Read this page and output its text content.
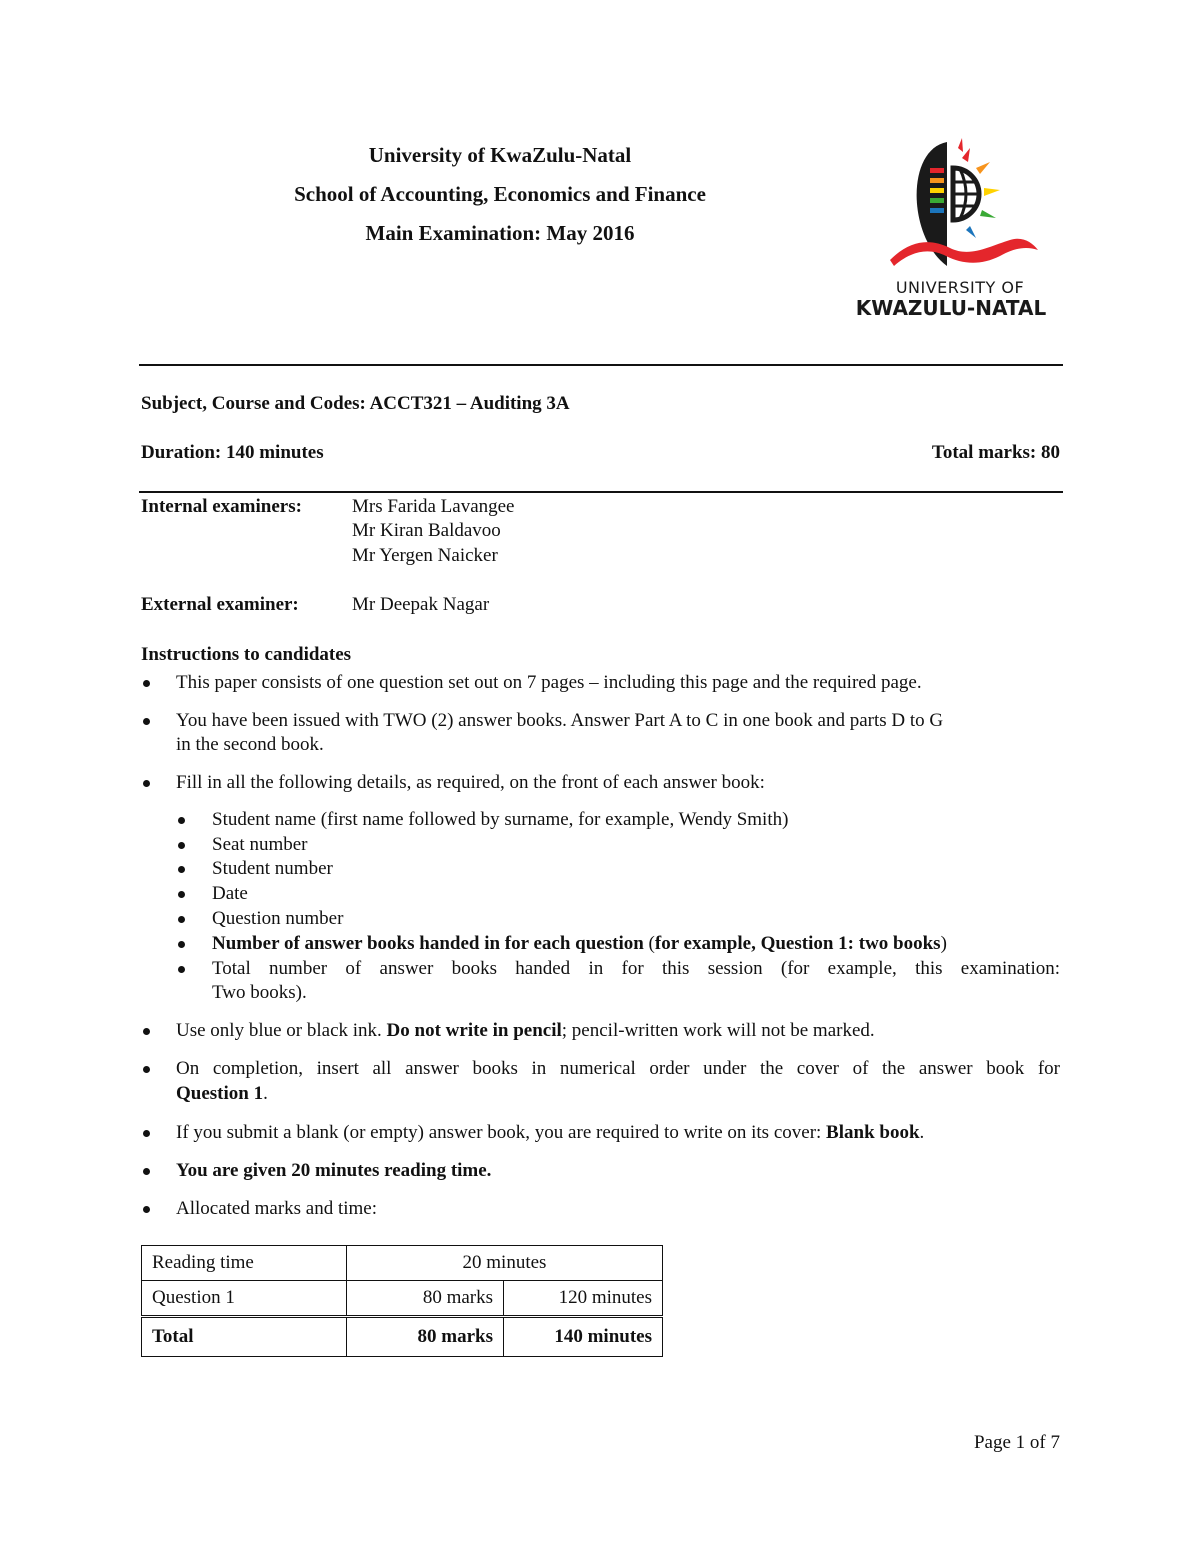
University of KwaZulu-Natal
School of Accounting, Economics and Finance
Main Examination: May 2016
UNIVERSITY OF
KWAZULU-NATAL
Subject, Course and Codes: ACCT321 – Auditing 3A
Duration: 140 minutes	Total marks: 80
Internal examiners:	Mrs Farida Lavangee
Mr Kiran Baldavoo
Mr Yergen Naicker
External examiner:	Mr Deepak Nagar
Instructions to candidates
This paper consists of one question set out on 7 pages – including this page and the required page.
You have been issued with TWO (2) answer books. Answer Part A to C in one book and parts D to G
in the second book.
Fill in all the following details, as required, on the front of each answer book:
Student name (first name followed by surname, for example, Wendy Smith)
Seat number
Student number
Date
Question number
Number of answer books handed in for each question (for example, Question 1: two books)
Total number of answer books handed in for this session (for example, this examination:
Two books).
Use only blue or black ink. Do not write in pencil; pencil-written work will not be marked.
On completion, insert all answer books in numerical order under the cover of the answer book for
Question 1.
If you submit a blank (or empty) answer book, you are required to write on its cover: Blank book.
You are given 20 minutes reading time.
Allocated marks and time:
Reading time	20 minutes	
Question 1	80 marks	120 minutes
Total	80 marks	140 minutes
Page 1 of 7
